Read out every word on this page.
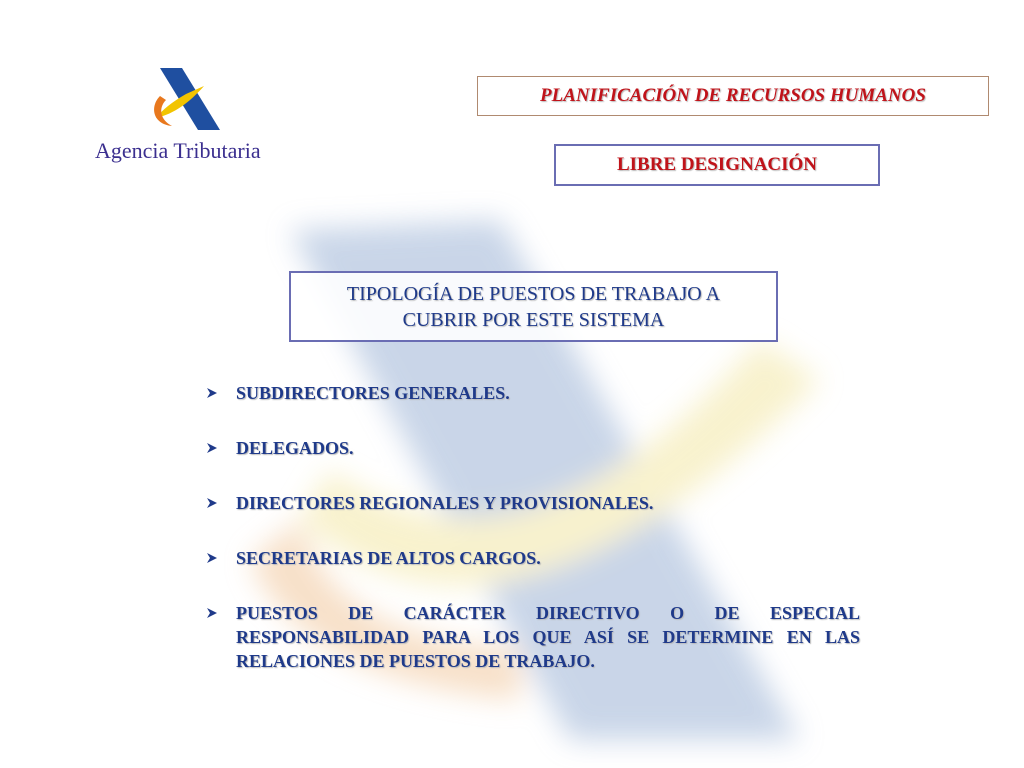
Agencia Tributaria
PLANIFICACIÓN DE RECURSOS HUMANOS
LIBRE DESIGNACIÓN
TIPOLOGÍA DE PUESTOS DE TRABAJO A
CUBRIR POR ESTE SISTEMA
SUBDIRECTORES GENERALES.
DELEGADOS.
DIRECTORES REGIONALES Y PROVISIONALES.
SECRETARIAS DE ALTOS CARGOS.
PUESTOS DE CARÁCTER DIRECTIVO O DE ESPECIAL RESPONSABILIDAD PARA LOS QUE ASÍ SE DETERMINE EN LAS RELACIONES DE PUESTOS DE TRABAJO.
